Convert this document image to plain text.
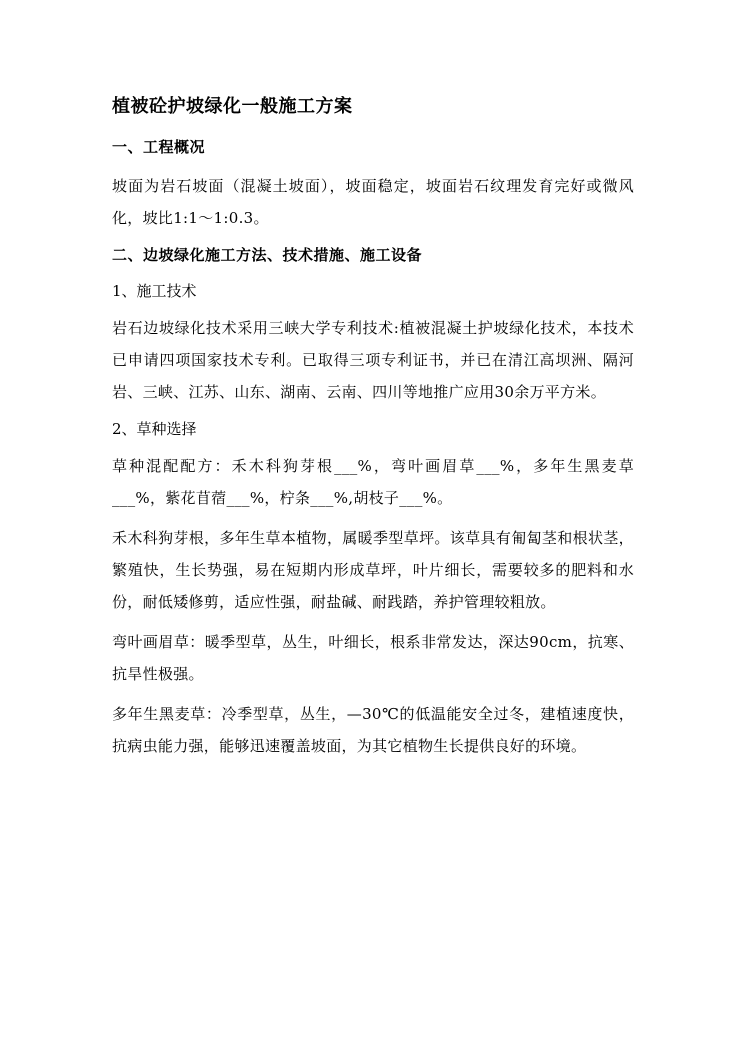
植被砼护坡绿化一般施工方案
一、工程概况
坡面为岩石坡面（混凝土坡面），坡面稳定，坡面岩石纹理发育完好或微风化，坡比1:1～1:0.3。
二、边坡绿化施工方法、技术措施、施工设备
1、施工技术
岩石边坡绿化技术采用三峡大学专利技术:植被混凝土护坡绿化技术，本技术已申请四项国家技术专利。已取得三项专利证书，并已在清江高坝洲、隔河岩、三峡、江苏、山东、湖南、云南、四川等地推广应用30余万平方米。
2、草种选择
草种混配配方：禾木科狗芽根___%，弯叶画眉草___%，多年生黑麦草___%，紫花苜蓿___%，柠条___%,胡枝子___%。
禾木科狗芽根，多年生草本植物，属暖季型草坪。该草具有匍匐茎和根状茎，繁殖快，生长势强，易在短期内形成草坪，叶片细长，需要较多的肥料和水份，耐低矮修剪，适应性强，耐盐碱、耐践踏，养护管理较粗放。
弯叶画眉草：暖季型草，丛生，叶细长，根系非常发达，深达90cm，抗寒、抗旱性极强。
多年生黑麦草：冷季型草，丛生，—30℃的低温能安全过冬，建植速度快，抗病虫能力强，能够迅速覆盖坡面，为其它植物生长提供良好的环境。
